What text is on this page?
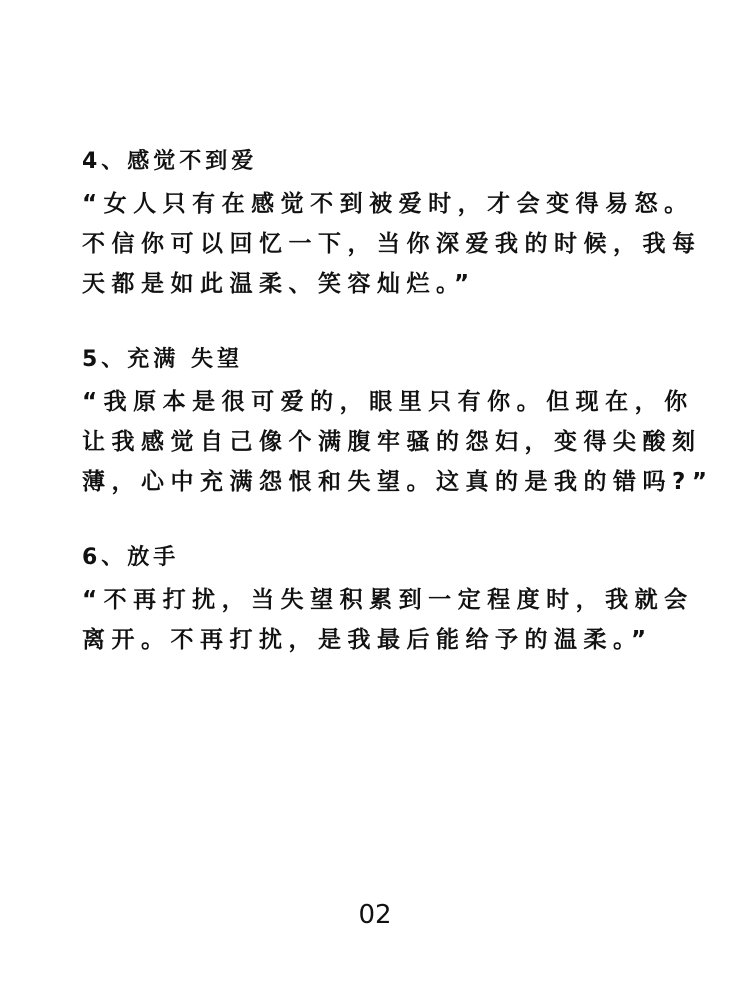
4、感觉不到爱
“女人只有在感觉不到被爱时，才会变得易怒。
不信你可以回忆一下，当你深爱我的时候，我每
天都是如此温柔、笑容灿烂。”
5、充满 失望
“我原本是很可爱的，眼里只有你。但现在，你
让我感觉自己像个满腹牢骚的怨妇，变得尖酸刻
薄，心中充满怨恨和失望。这真的是我的错吗?”
6、放手
“不再打扰，当失望积累到一定程度时，我就会
离开。不再打扰，是我最后能给予的温柔。”
02
